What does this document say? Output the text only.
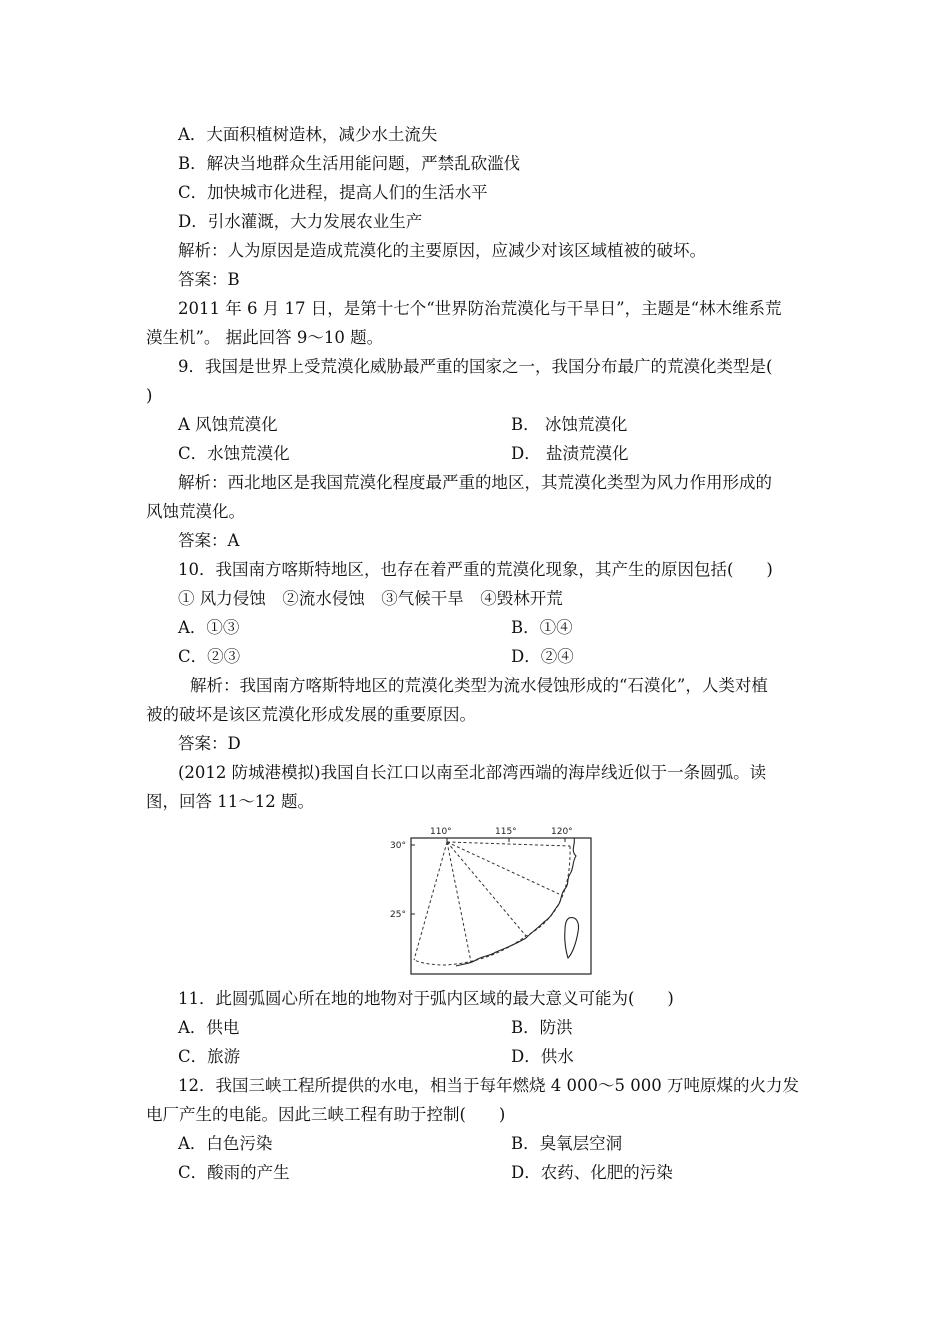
A．大面积植树造林，减少水土流失
B．解决当地群众生活用能问题，严禁乱砍滥伐
C．加快城市化进程，提高人们的生活水平
D．引水灌溉，大力发展农业生产
解析：人为原因是造成荒漠化的主要原因，应减少对该区域植被的破坏。
答案：B
2011 年 6 月 17 日，是第十七个“世界防治荒漠化与干旱日”，主题是“林木维系荒
漠生机”。 据此回答 9～10 题。
9．我国是世界上受荒漠化威胁最严重的国家之一，我国分布最广的荒漠化类型是(
)
A 风蚀荒漠化	B． 冰蚀荒漠化
C．水蚀荒漠化	D． 盐渍荒漠化
解析：西北地区是我国荒漠化程度最严重的地区，其荒漠化类型为风力作用形成的
风蚀荒漠化。
答案：A
10．我国南方喀斯特地区，也存在着严重的荒漠化现象，其产生的原因包括(　　)
① 风力侵蚀　②流水侵蚀　③气候干旱　④毁林开荒
A．①③	B．①④
C．②③	D．②④
解析：我国南方喀斯特地区的荒漠化类型为流水侵蚀形成的“石漠化”，人类对植
被的破坏是该区荒漠化形成发展的重要原因。
答案：D
(2012 防城港模拟)我国自长江口以南至北部湾西端的海岸线近似于一条圆弧。读
图，回答 11～12 题。
110°	115°	120°
30°
25°
11．此圆弧圆心所在地的地物对于弧内区域的最大意义可能为(　　)
A．供电	B．防洪
C．旅游	D．供水
12．我国三峡工程所提供的水电，相当于每年燃烧 4 000～5 000 万吨原煤的火力发
电厂产生的电能。因此三峡工程有助于控制(　　)
A．白色污染	B．臭氧层空洞
C．酸雨的产生	D．农药、化肥的污染
